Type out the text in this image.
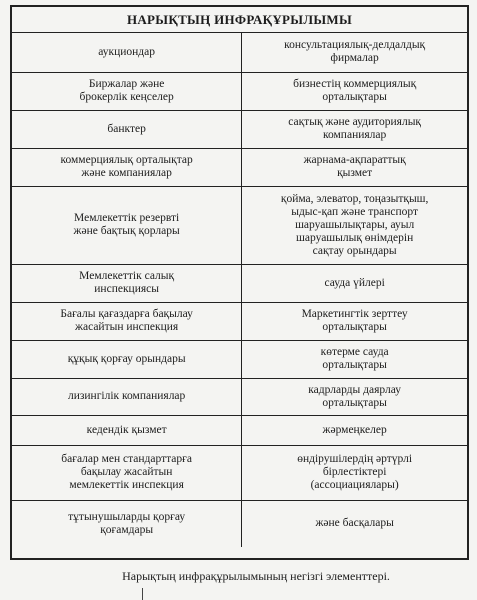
НАРЫҚТЫҢ ИНФРАҚҰРЫЛЫМЫ
аукциондар	консультациялық-делдалдық
фирмалар

Биржалар және
брокерлік кеңселер	бизнестің коммерциялық
орталықтары

банктер	сақтық және аудиториялық
компаниялар

коммерциялық орталықтар
және компаниялар	жарнама-ақпараттық
қызмет

Мемлекеттік резервті
және бақтық қорлары	қойма, элеватор, тоңазытқыш,
ыдыс-қап және транспорт
шаруашылықтары, ауыл
шаруашылық өнімдерін
сақтау орындары

Мемлекеттік салық
инспекциясы	сауда үйлері

Бағалы қағаздарға бақылау
жасайтын инспекция	Маркетингтік зерттеу
орталықтары

құқық қорғау орындары	көтерме сауда
орталықтары

лизингілік компаниялар	кадрларды даярлау
орталықтары

кедендік қызмет	жәрмеңкелер

бағалар мен стандарттарға
бақылау жасайтын
мемлекеттік инспекция	өндірушілердің әртүрлі
бірлестіктері
(ассоциациялары)

тұтынушыларды қорғау
қоғамдары	және басқалары
Нарықтың инфрақұрылымының негізгі элементтері.
